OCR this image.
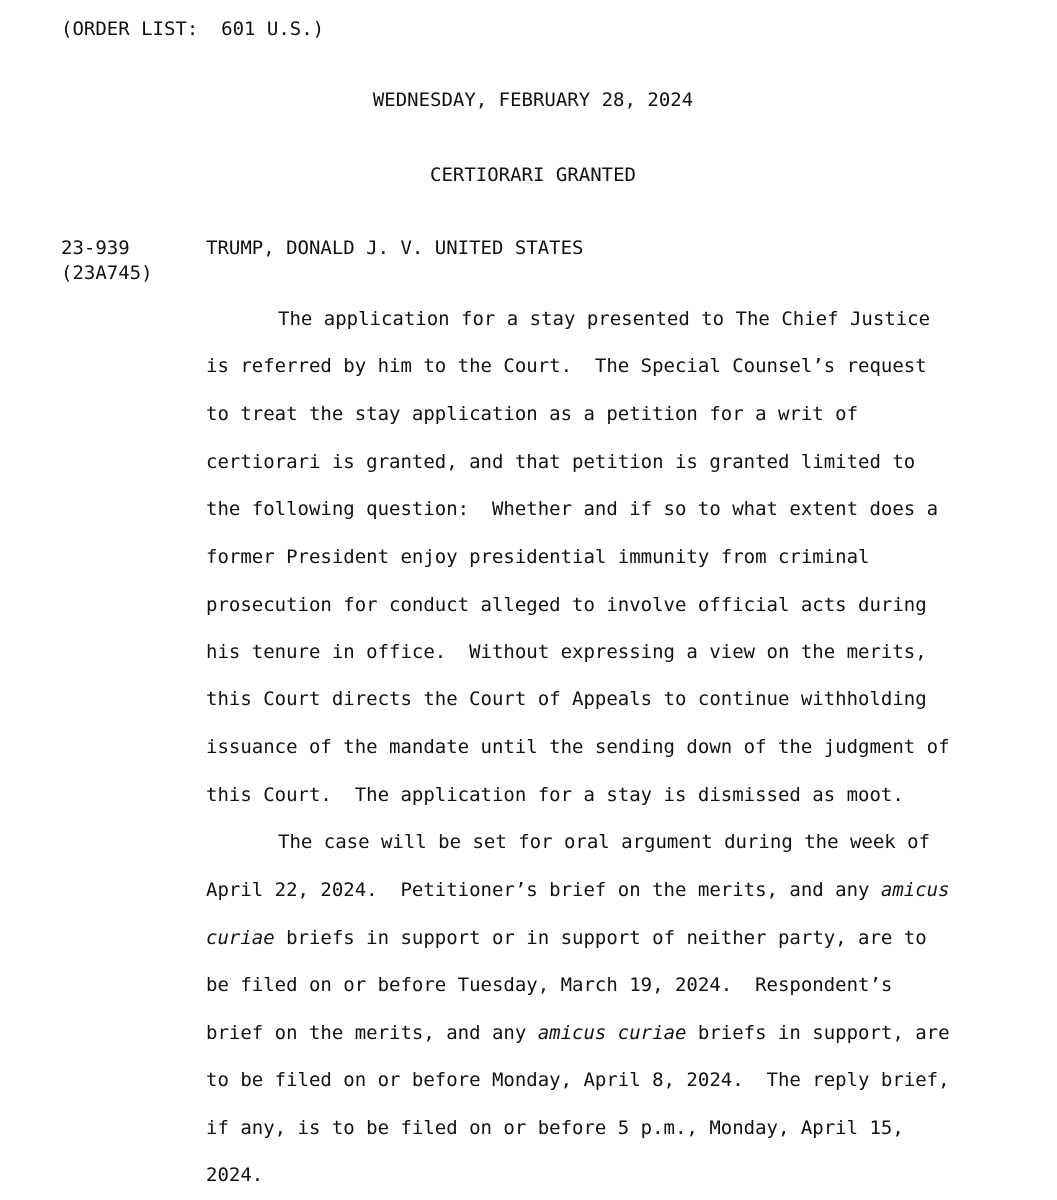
(ORDER LIST:  601 U.S.)
WEDNESDAY, FEBRUARY 28, 2024
CERTIORARI GRANTED
23-939
(23A745)
TRUMP, DONALD J. V. UNITED STATES
The application for a stay presented to The Chief Justice
is referred by him to the Court.  The Special Counsel’s request
to treat the stay application as a petition for a writ of
certiorari is granted, and that petition is granted limited to
the following question:  Whether and if so to what extent does a
former President enjoy presidential immunity from criminal
prosecution for conduct alleged to involve official acts during
his tenure in office.  Without expressing a view on the merits,
this Court directs the Court of Appeals to continue withholding
issuance of the mandate until the sending down of the judgment of
this Court.  The application for a stay is dismissed as moot.
The case will be set for oral argument during the week of
April 22, 2024.  Petitioner’s brief on the merits, and any amicus
curiae briefs in support or in support of neither party, are to
be filed on or before Tuesday, March 19, 2024.  Respondent’s
brief on the merits, and any amicus curiae briefs in support, are
to be filed on or before Monday, April 8, 2024.  The reply brief,
if any, is to be filed on or before 5 p.m., Monday, April 15,
2024.
